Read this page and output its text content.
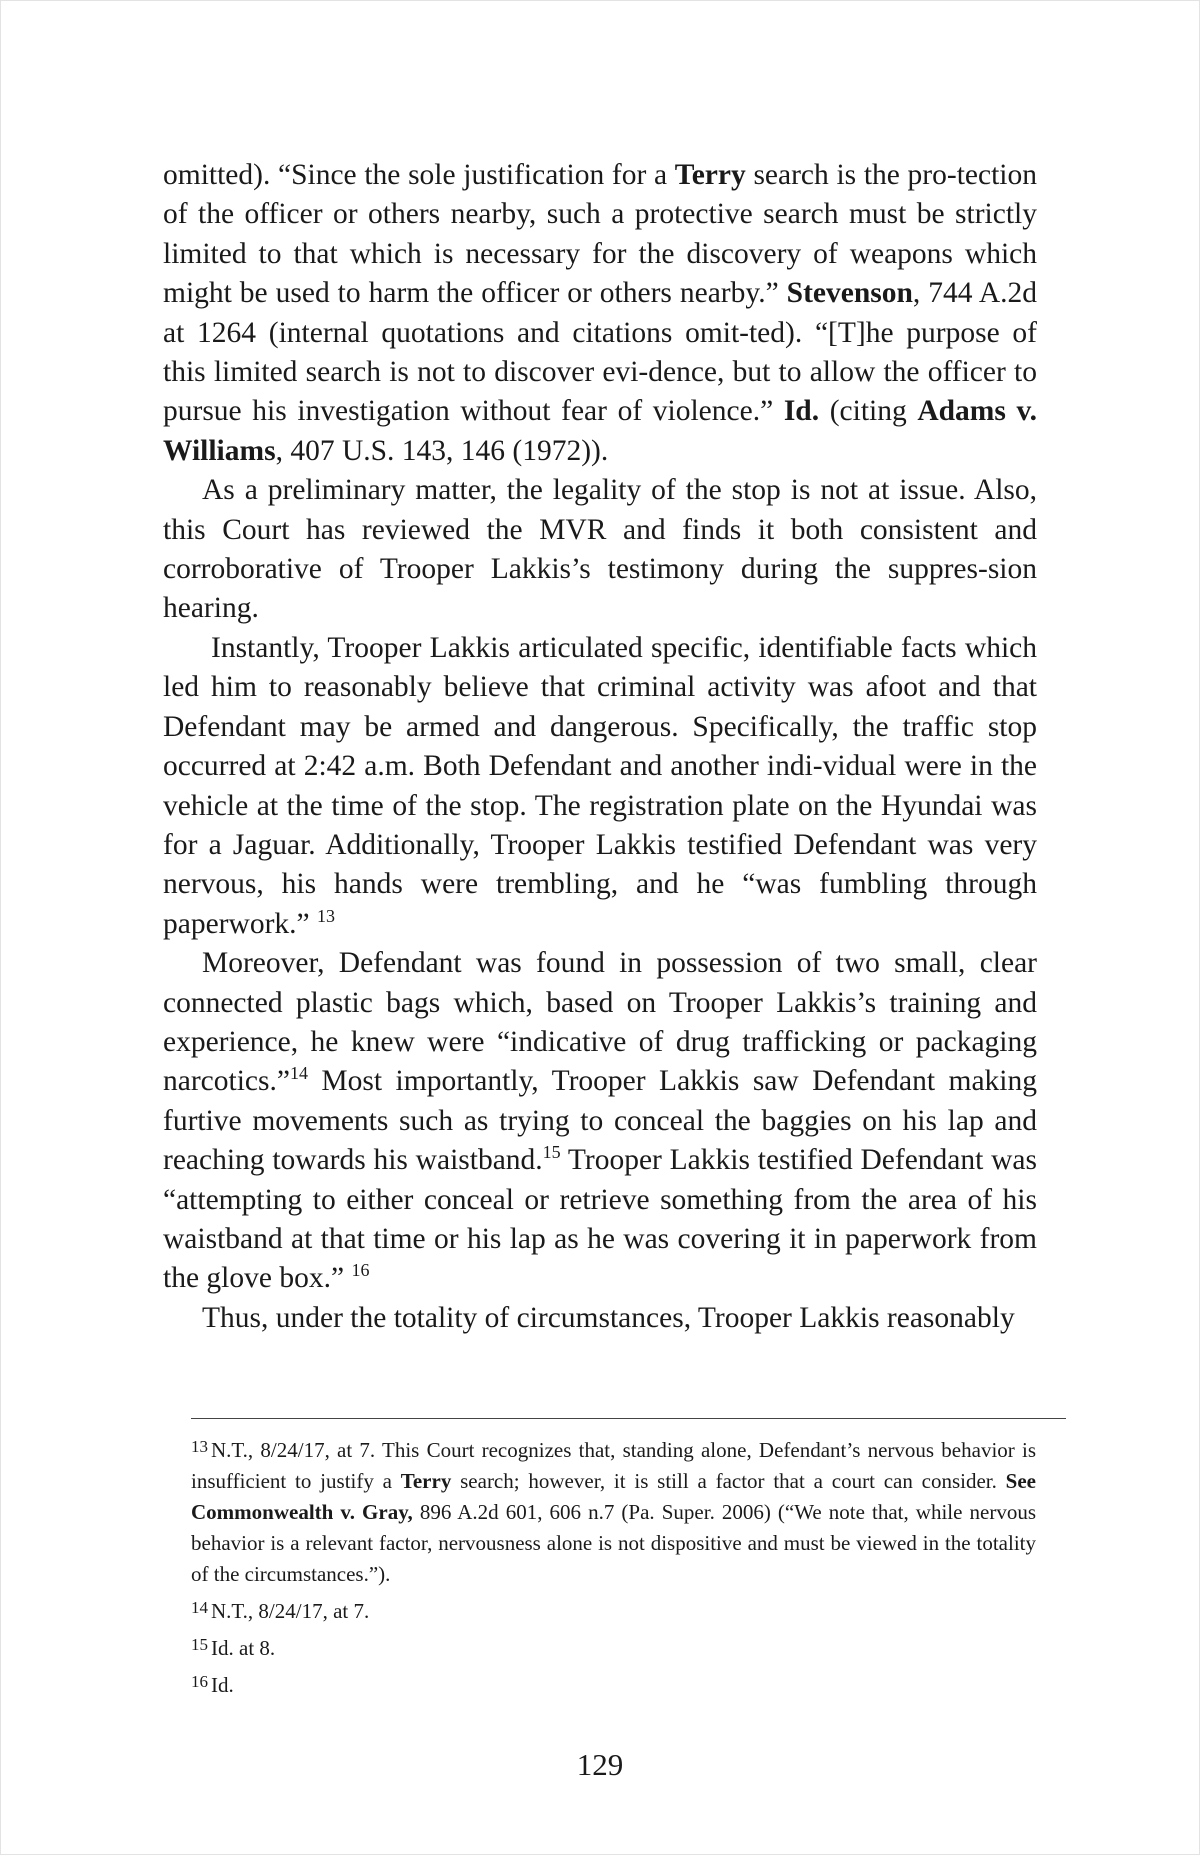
omitted). “Since the sole justification for a Terry search is the pro-tection of the officer or others nearby, such a protective search must be strictly limited to that which is necessary for the discovery of weapons which might be used to harm the officer or others nearby.” Stevenson, 744 A.2d at 1264 (internal quotations and citations omit-ted). “[T]he purpose of this limited search is not to discover evi-dence, but to allow the officer to pursue his investigation without fear of violence.” Id. (citing Adams v. Williams, 407 U.S. 143, 146 (1972)).

As a preliminary matter, the legality of the stop is not at issue. Also, this Court has reviewed the MVR and finds it both consistent and corroborative of Trooper Lakkis’s testimony during the suppres-sion hearing.

Instantly, Trooper Lakkis articulated specific, identifiable facts which led him to reasonably believe that criminal activity was afoot and that Defendant may be armed and dangerous. Specifically, the traffic stop occurred at 2:42 a.m. Both Defendant and another indi-vidual were in the vehicle at the time of the stop. The registration plate on the Hyundai was for a Jaguar. Additionally, Trooper Lakkis testified Defendant was very nervous, his hands were trembling, and he “was fumbling through paperwork.” $^{13}$

Moreover, Defendant was found in possession of two small, clear connected plastic bags which, based on Trooper Lakkis’s training and experience, he knew were “indicative of drug trafficking or packaging narcotics.”$^{14}$ Most importantly, Trooper Lakkis saw Defendant making furtive movements such as trying to conceal the baggies on his lap and reaching towards his waistband.$^{15}$ Trooper Lakkis testified Defendant was “attempting to either conceal or retrieve something from the area of his waistband at that time or his lap as he was covering it in paperwork from the glove box.” $^{16}$

Thus, under the totality of circumstances, Trooper Lakkis reasonably

$^{13}$ N.T., 8/24/17, at 7. This Court recognizes that, standing alone, Defendant’s nervous behavior is insufficient to justify a Terry search; however, it is still a factor that a court can consider. See Commonwealth v. Gray, 896 A.2d 601, 606 n.7 (Pa. Super. 2006) (“We note that, while nervous behavior is a relevant factor, nervousness alone is not dispositive and must be viewed in the totality of the circumstances.”).

$^{14}$ N.T., 8/24/17, at 7.

$^{15}$ Id. at 8.

$^{16}$ Id.

129
